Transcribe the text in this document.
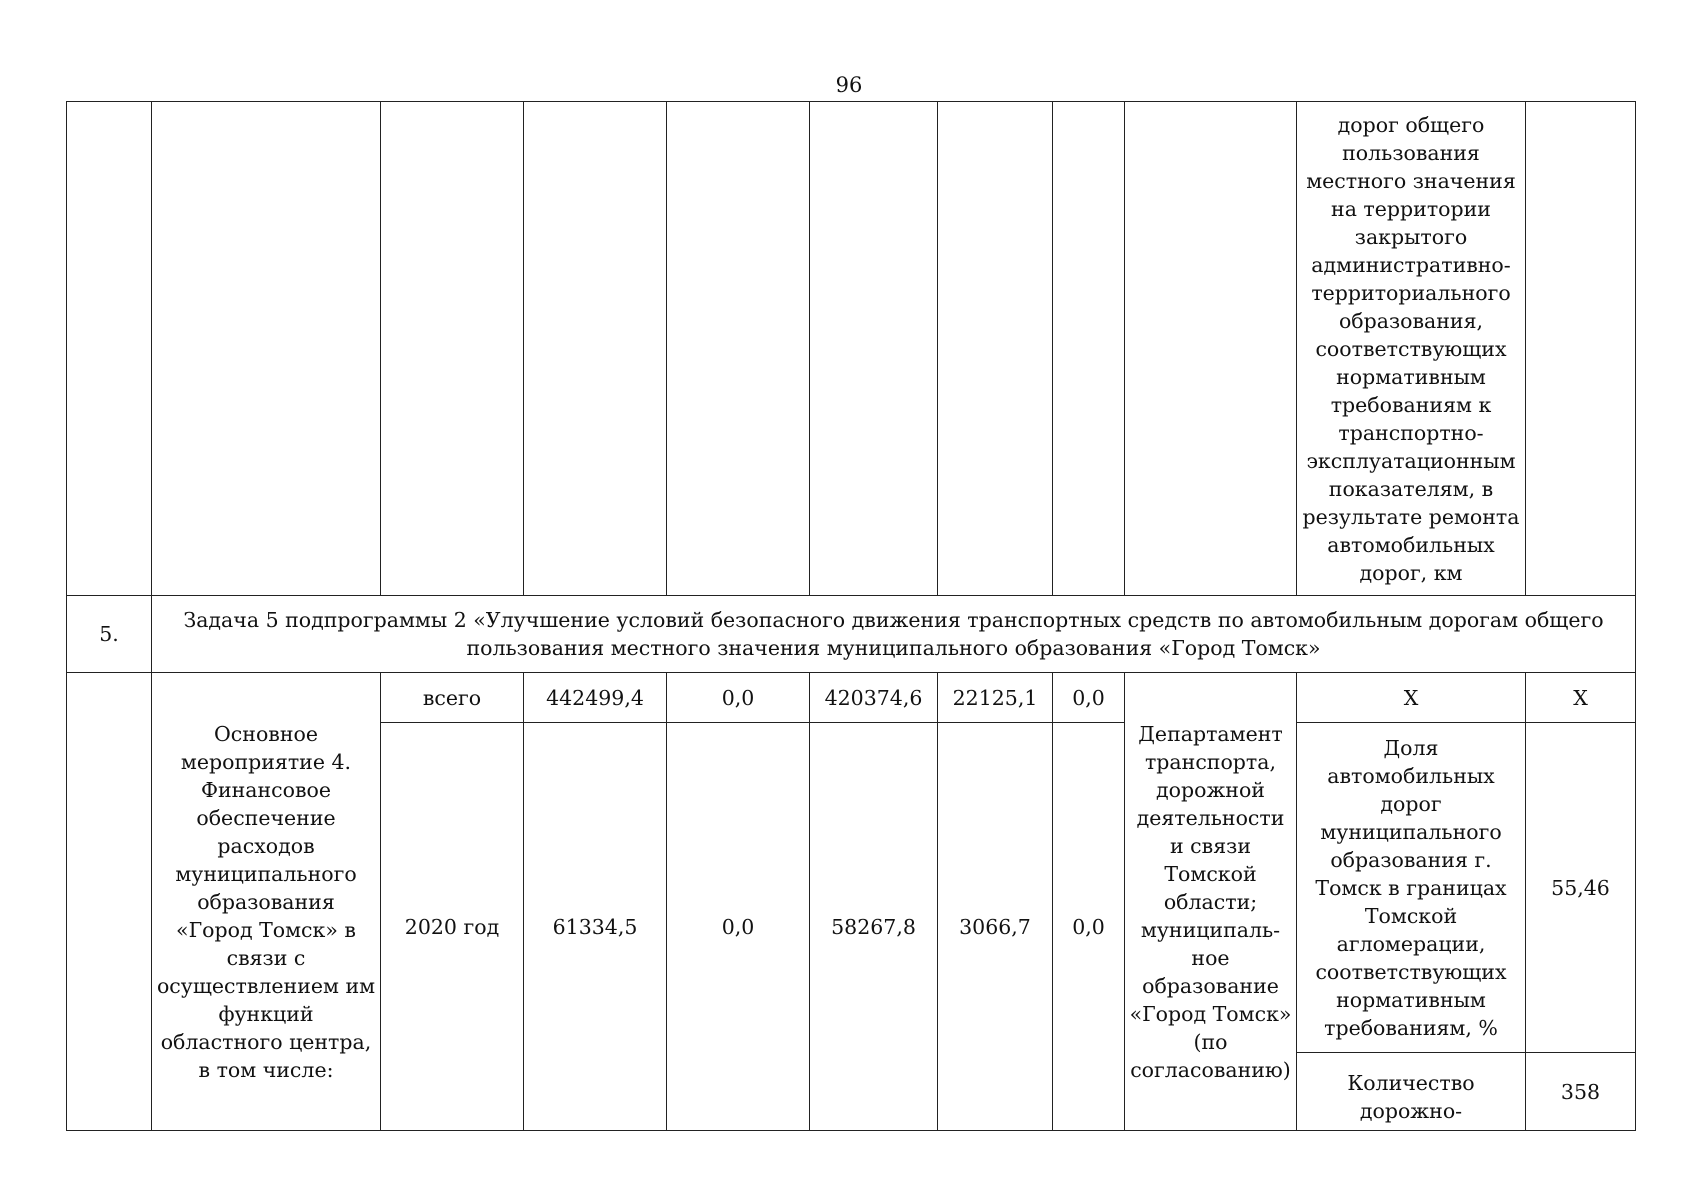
96
									дорог общего пользования местного значения на территории закрытого административно-территориального образования, соответствующих нормативным требованиям к транспортно-эксплуатационным показателям, в результате ремонта автомобильных дорог, км	
5.	Задача 5 подпрограммы 2 «Улучшение условий безопасного движения транспортных средств по автомобильным дорогам общего пользования местного значения муниципального образования «Город Томск»									
	Основное мероприятие 4. Финансовое обеспечение расходов муниципального образования «Город Томск» в связи с осуществлением им функций областного центра, в том числе:	всего	442499,4	0,0	420374,6	22125,1	0,0	Департамент транспорта, дорожной деятельности и связи Томской области; муниципаль-ное образование «Город Томск» (по согласованию)	Х	Х
		2020 год	61334,5	0,0	58267,8	3066,7	0,0		Доля автомобильных дорог муниципального образования г. Томск в границах Томской агломерации, соответствующих нормативным требованиям, %	55,46
									Количество дорожно-	358
